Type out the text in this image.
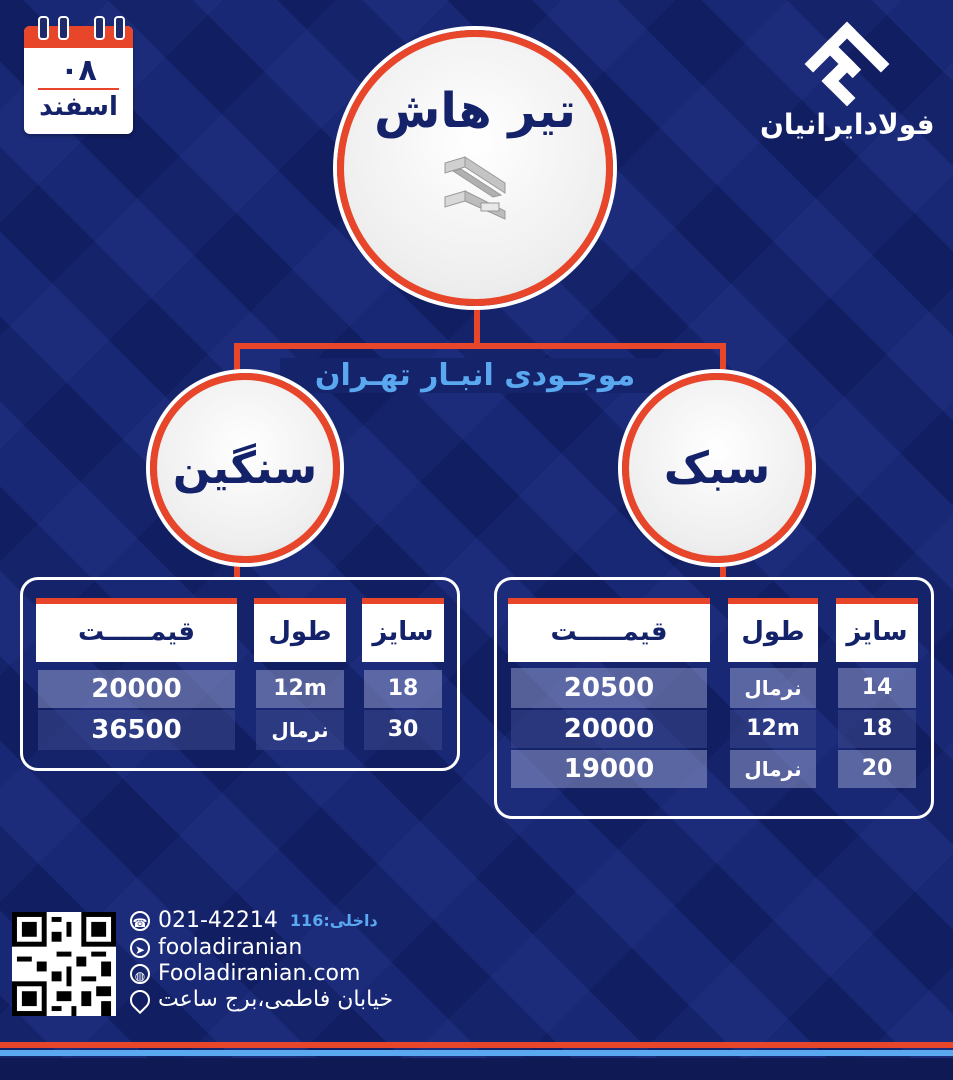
۰۸
اسفند
فولادایرانیان
موجـودی انبـار تهـران
تیر هاش
سبک
سنگین
قیمـــــت	طول	سایز
20000	12m	18
36500	نرمال	30
قیمـــــت	طول	سایز
20500	نرمال	14
20000	12m	18
19000	نرمال	20
☎ 021-42214 داخلی:116
➤ fooladiranian
◍ Fooladiranian.com
خیابان فاطمی،برج ساعت
